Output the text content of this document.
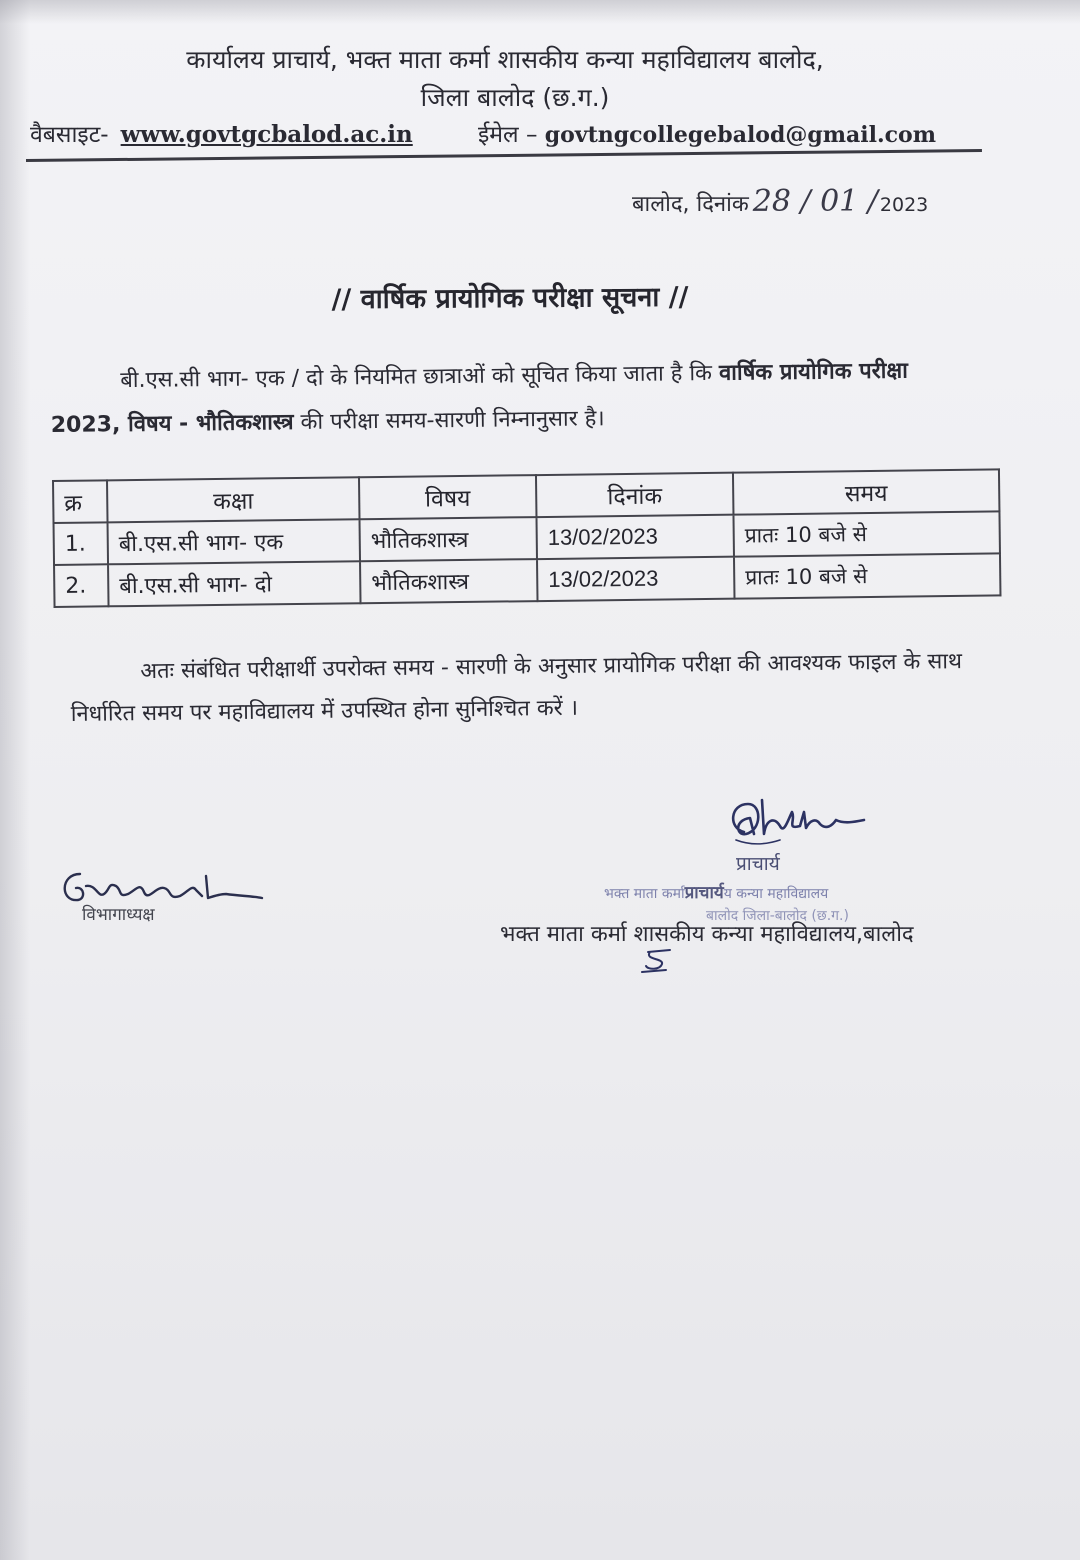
कार्यालय प्राचार्य, भक्त माता कर्मा शासकीय कन्या महाविद्यालय बालोद,
जिला बालोद (छ.ग.)
वैबसाइट- www.govtgcbalod.ac.in	ईमेल – govtngcollegebalod@gmail.com
बालोद, दिनांक 28 / 01 / 2023
// वार्षिक प्रायोगिक परीक्षा सूचना //
बी.एस.सी भाग- एक / दो के नियमित छात्राओं को सूचित किया जाता है कि वार्षिक प्रायोगिक परीक्षा 2023, विषय - भौतिकशास्त्र की परीक्षा समय-सारणी निम्नानुसार है।
क्र	कक्षा	विषय	दिनांक	समय
1.	बी.एस.सी भाग- एक	भौतिकशास्त्र	13/02/2023	प्रातः 10 बजे से
2.	बी.एस.सी भाग- दो	भौतिकशास्त्र	13/02/2023	प्रातः 10 बजे से
अतः संबंधित परीक्षार्थी उपरोक्त समय - सारणी के अनुसार प्रायोगिक परीक्षा की आवश्यक फाइल के साथ निर्धारित समय पर महाविद्यालय में उपस्थित होना सुनिश्चित करें ।
प्राचार्य
भक्त माता कर्माप्राचार्यय कन्या महाविद्यालय
बालोद जिला-बालोद (छ.ग.)
भक्त माता कर्मा शासकीय कन्या महाविद्यालय,बालोद
विभागाध्यक्ष
